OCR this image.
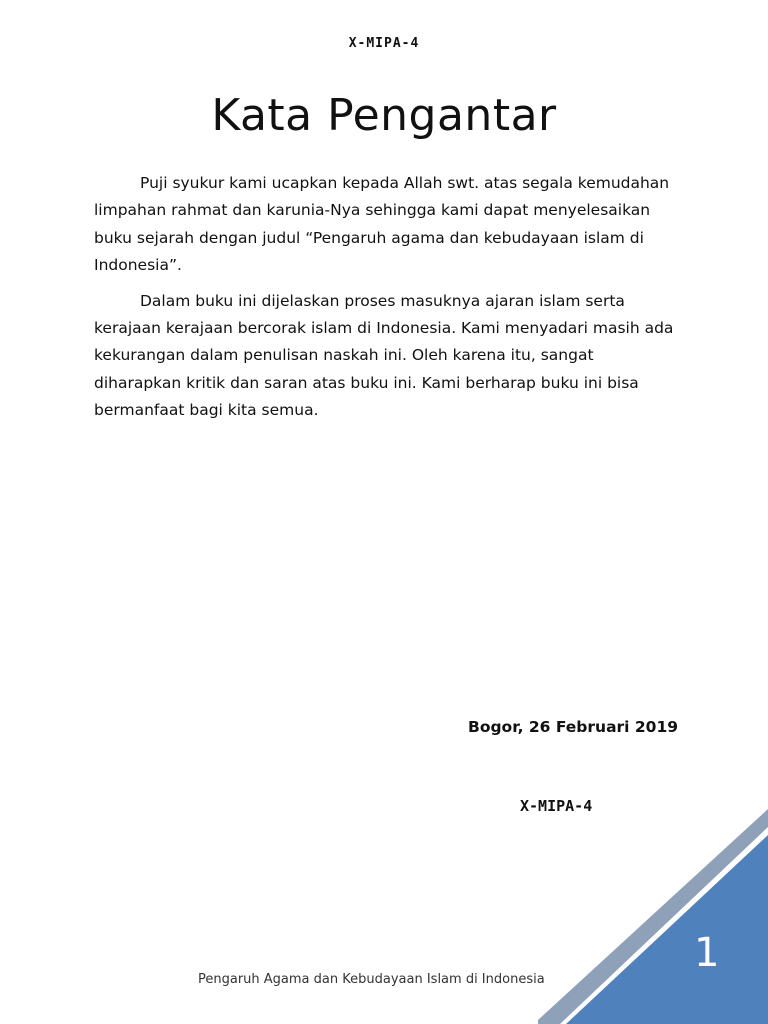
X-MIPA-4
Kata Pengantar

Puji syukur kami ucapkan kepada Allah swt. atas segala kemudahan limpahan rahmat dan karunia-Nya sehingga kami dapat menyelesaikan buku sejarah dengan judul “Pengaruh agama dan kebudayaan islam di Indonesia”.

Dalam buku ini dijelaskan proses masuknya ajaran islam serta kerajaan kerajaan bercorak islam di Indonesia. Kami menyadari masih ada kekurangan dalam penulisan naskah ini. Oleh karena itu, sangat diharapkan kritik dan saran atas buku ini. Kami berharap buku ini bisa bermanfaat bagi kita semua.

Bogor, 26 Februari 2019
X-MIPA-4
Pengaruh Agama dan Kebudayaan Islam di Indonesia
1
